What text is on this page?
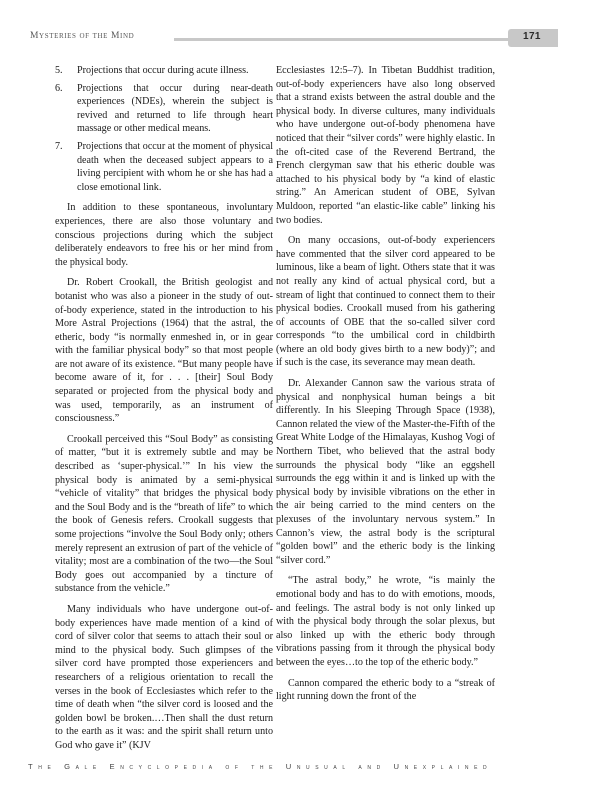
Mysteries of the Mind	171
5. Projections that occur during acute illness.
6. Projections that occur during near-death experiences (NDEs), wherein the subject is revived and returned to life through heart massage or other medical means.
7. Projections that occur at the moment of physical death when the deceased subject appears to a living percipient with whom he or she has had a close emotional link.

In addition to these spontaneous, involuntary experiences, there are also those voluntary and conscious projections during which the subject deliberately endeavors to free his or her mind from the physical body.

Dr. Robert Crookall, the British geologist and botanist who was also a pioneer in the study of out-of-body experience, stated in the introduction to his More Astral Projections (1964) that the astral, the etheric, body “is normally enmeshed in, or in gear with the familiar physical body” so that most people are not aware of its existence. “But many people have become aware of it, for . . . [their] Soul Body separated or projected from the physical body and was used, temporarily, as an instrument of consciousness.”

Crookall perceived this “Soul Body” as consisting of matter, “but it is extremely subtle and may be described as ‘super-physical.’” In his view the physical body is animated by a semi-physical “vehicle of vitality” that bridges the physical body and the Soul Body and is the “breath of life” to which the book of Genesis refers. Crookall suggests that some projections “involve the Soul Body only; others merely represent an extrusion of part of the vehicle of vitality; most are a combination of the two—the Soul Body goes out accompanied by a tincture of substance from the vehicle.”

Many individuals who have undergone out-of-body experiences have made mention of a kind of cord of silver color that seems to attach their soul or mind to the physical body. Such glimpses of the silver cord have prompted those experiencers and researchers of a religious orientation to recall the verses in the book of Ecclesiastes which refer to the time of death when “the silver cord is loosed and the golden bowl be broken.…Then shall the dust return to the earth as it was: and the spirit shall return unto God who gave it” (KJV

Ecclesiastes 12:5–7). In Tibetan Buddhist tradition, out-of-body experiencers have also long observed that a strand exists between the astral double and the physical body. In diverse cultures, many individuals who have undergone out-of-body phenomena have noticed that their “silver cords” were highly elastic. In the oft-cited case of the Reverend Bertrand, the French clergyman saw that his etheric double was attached to his physical body by “a kind of elastic string.” An American student of OBE, Sylvan Muldoon, reported “an elastic-like cable” linking his two bodies.

On many occasions, out-of-body experiencers have commented that the silver cord appeared to be luminous, like a beam of light. Others state that it was not really any kind of actual physical cord, but a stream of light that continued to connect them to their physical bodies. Crookall mused from his gathering of accounts of OBE that the so-called silver cord corresponds “to the umbilical cord in childbirth (where an old body gives birth to a new body)”; and if such is the case, its severance may mean death.

Dr. Alexander Cannon saw the various strata of physical and nonphysical human beings a bit differently. In his Sleeping Through Space (1938), Cannon related the view of the Master-the-Fifth of the Great White Lodge of the Himalayas, Kushog Vogi of Northern Tibet, who believed that the astral body surrounds the physical body “like an eggshell surrounds the egg within it and is linked up with the physical body by invisible vibrations on the ether in the air being carried to the mind centers on the plexuses of the involuntary nervous system.” In Cannon’s view, the astral body is the scriptural “golden bowl” and the etheric body is the linking “silver cord.”

“The astral body,” he wrote, “is mainly the emotional body and has to do with emotions, moods, and feelings. The astral body is not only linked up with the physical body through the solar plexus, but also linked up with the etheric body through vibrations passing from it through the physical body between the eyes…to the top of the etheric body.”

Cannon compared the etheric body to a “streak of light running down the front of the

The Gale Encyclopedia of the Unusual and Unexplained
